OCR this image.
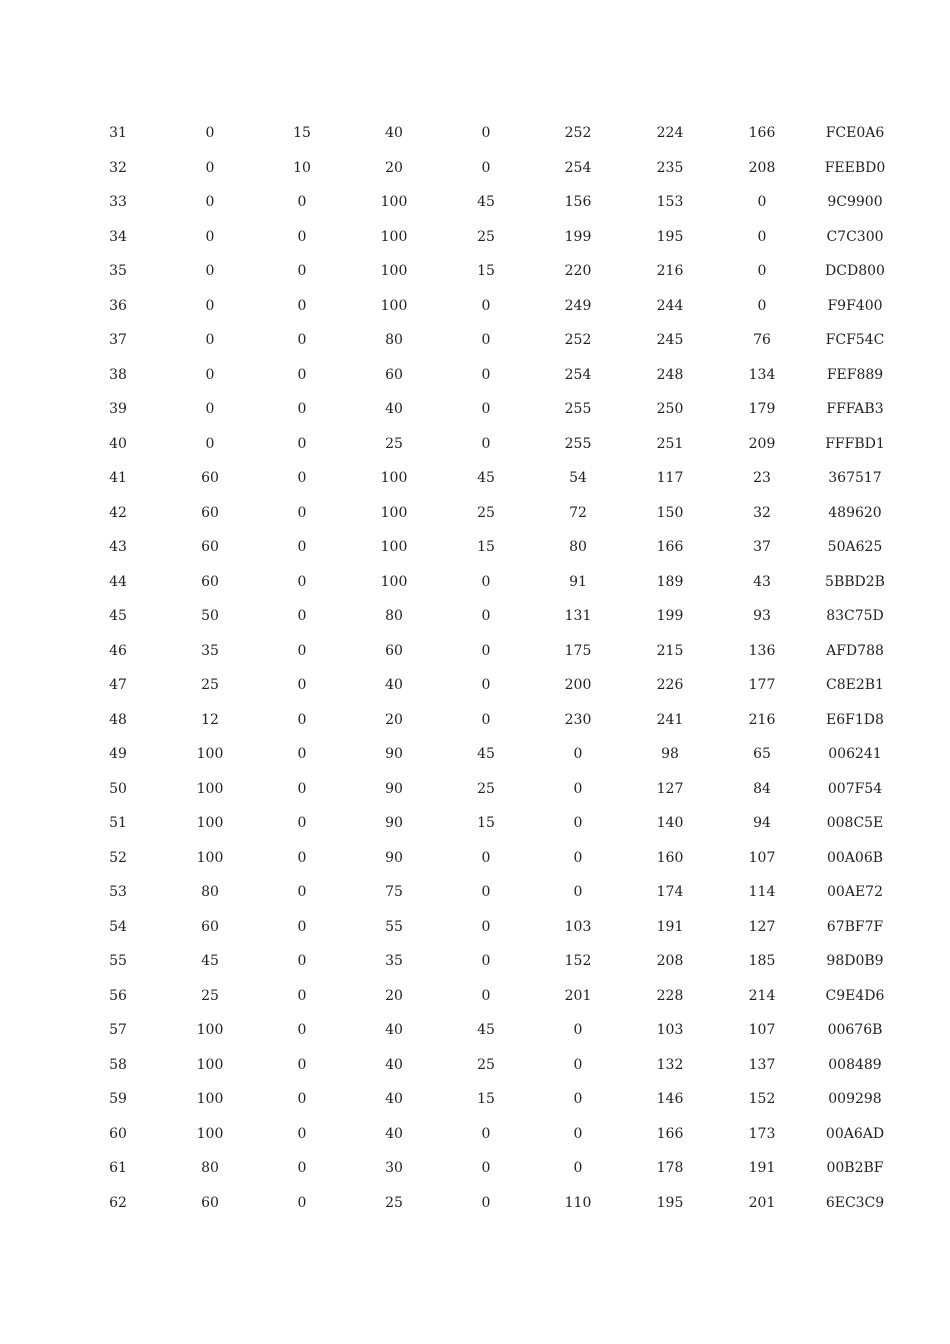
31	0	15	40	0	252	224	166	FCE0A6
32	0	10	20	0	254	235	208	FEEBD0
33	0	0	100	45	156	153	0	9C9900
34	0	0	100	25	199	195	0	C7C300
35	0	0	100	15	220	216	0	DCD800
36	0	0	100	0	249	244	0	F9F400
37	0	0	80	0	252	245	76	FCF54C
38	0	0	60	0	254	248	134	FEF889
39	0	0	40	0	255	250	179	FFFAB3
40	0	0	25	0	255	251	209	FFFBD1
41	60	0	100	45	54	117	23	367517
42	60	0	100	25	72	150	32	489620
43	60	0	100	15	80	166	37	50A625
44	60	0	100	0	91	189	43	5BBD2B
45	50	0	80	0	131	199	93	83C75D
46	35	0	60	0	175	215	136	AFD788
47	25	0	40	0	200	226	177	C8E2B1
48	12	0	20	0	230	241	216	E6F1D8
49	100	0	90	45	0	98	65	006241
50	100	0	90	25	0	127	84	007F54
51	100	0	90	15	0	140	94	008C5E
52	100	0	90	0	0	160	107	00A06B
53	80	0	75	0	0	174	114	00AE72
54	60	0	55	0	103	191	127	67BF7F
55	45	0	35	0	152	208	185	98D0B9
56	25	0	20	0	201	228	214	C9E4D6
57	100	0	40	45	0	103	107	00676B
58	100	0	40	25	0	132	137	008489
59	100	0	40	15	0	146	152	009298
60	100	0	40	0	0	166	173	00A6AD
61	80	0	30	0	0	178	191	00B2BF
62	60	0	25	0	110	195	201	6EC3C9
